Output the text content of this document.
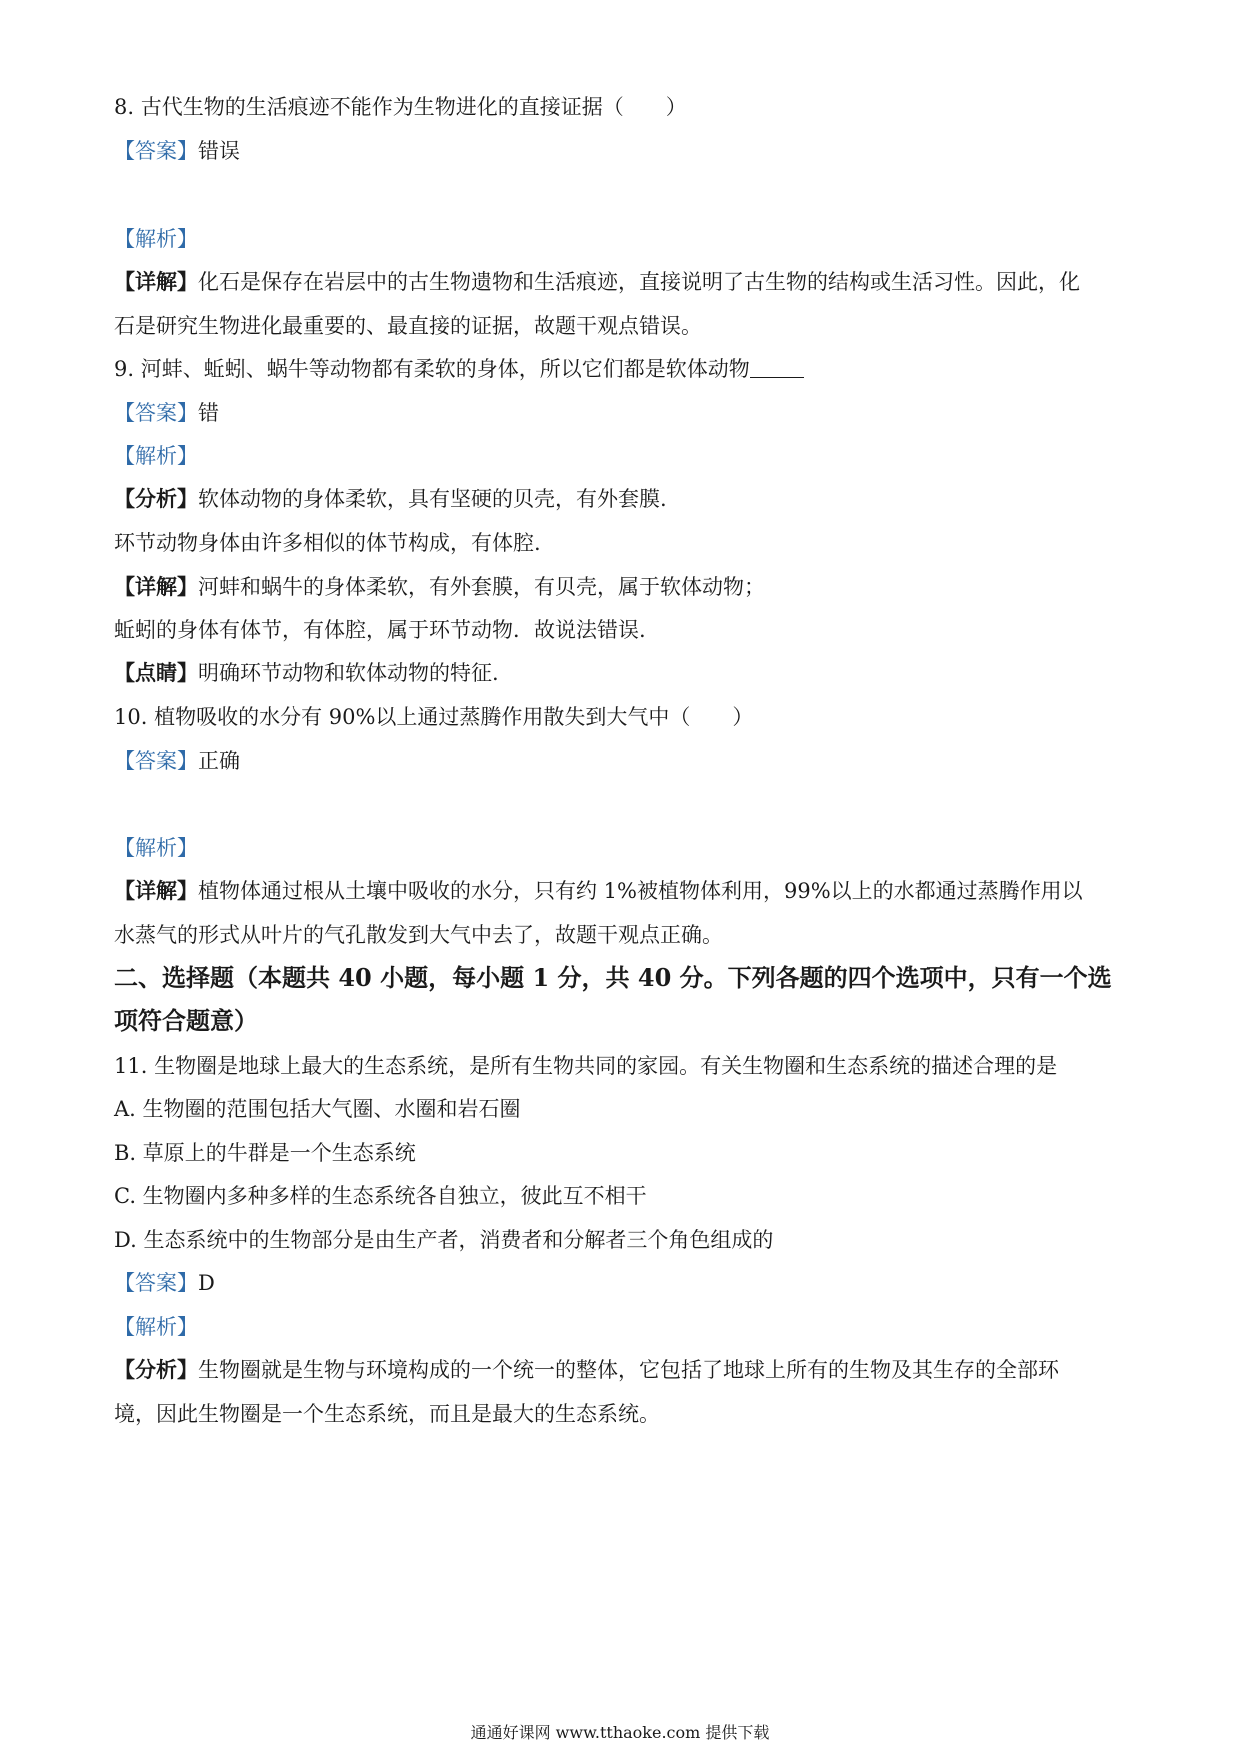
8. 古代生物的生活痕迹不能作为生物进化的直接证据（　　）
【答案】错误
【解析】
【详解】化石是保存在岩层中的古生物遗物和生活痕迹，直接说明了古生物的结构或生活习性。因此，化
石是研究生物进化最重要的、最直接的证据，故题干观点错误。
9. 河蚌、蚯蚓、蜗牛等动物都有柔软的身体，所以它们都是软体动物
【答案】错
【解析】
【分析】软体动物的身体柔软，具有坚硬的贝壳，有外套膜.
环节动物身体由许多相似的体节构成，有体腔.
【详解】河蚌和蜗牛的身体柔软，有外套膜，有贝壳，属于软体动物；
蚯蚓的身体有体节，有体腔，属于环节动物．故说法错误.
【点睛】明确环节动物和软体动物的特征.
10. 植物吸收的水分有 90%以上通过蒸腾作用散失到大气中（　　）
【答案】正确
【解析】
【详解】植物体通过根从土壤中吸收的水分，只有约 1%被植物体利用，99%以上的水都通过蒸腾作用以
水蒸气的形式从叶片的气孔散发到大气中去了，故题干观点正确。
二、选择题（本题共 40 小题，每小题 1 分，共 40 分。下列各题的四个选项中，只有一个选
项符合题意）
11. 生物圈是地球上最大的生态系统，是所有生物共同的家园。有关生物圈和生态系统的描述合理的是
A. 生物圈的范围包括大气圈、水圈和岩石圈
B. 草原上的牛群是一个生态系统
C. 生物圈内多种多样的生态系统各自独立，彼此互不相干
D. 生态系统中的生物部分是由生产者，消费者和分解者三个角色组成的
【答案】D
【解析】
【分析】生物圈就是生物与环境构成的一个统一的整体，它包括了地球上所有的生物及其生存的全部环
境，因此生物圈是一个生态系统，而且是最大的生态系统。
通通好课网 www.tthaoke.com 提供下载
